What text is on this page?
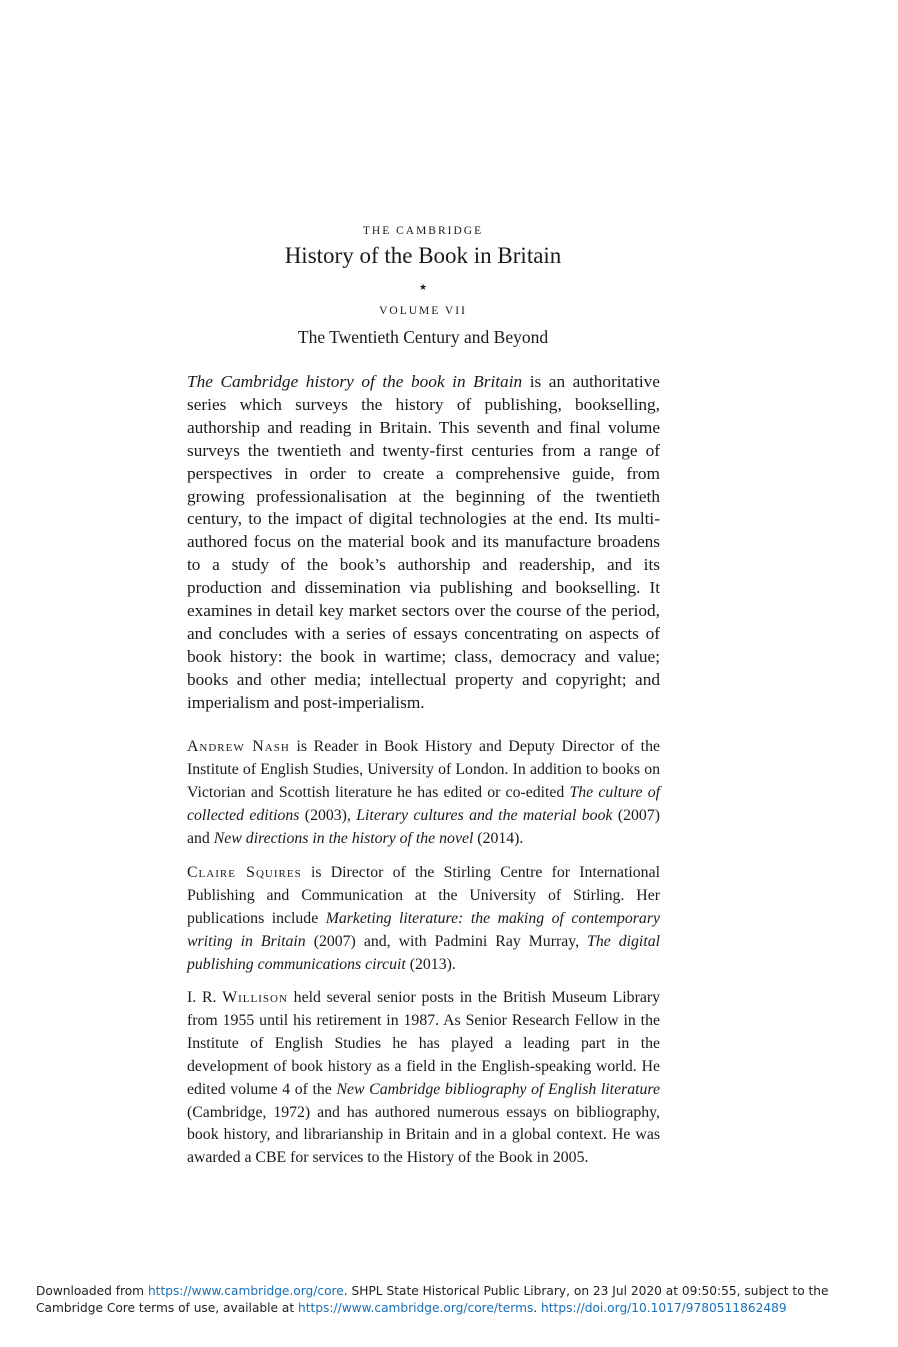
THE CAMBRIDGE
History of the Book in Britain
★
VOLUME VII
The Twentieth Century and Beyond
The Cambridge history of the book in Britain is an authoritative series which surveys the history of publishing, bookselling, authorship and reading in Britain. This seventh and final volume surveys the twentieth and twenty-first centuries from a range of perspectives in order to create a comprehensive guide, from growing professionalisation at the beginning of the twentieth century, to the impact of digital technologies at the end. Its multi-authored focus on the material book and its manufacture broadens to a study of the book’s authorship and readership, and its production and dissemination via publishing and bookselling. It examines in detail key market sectors over the course of the period, and concludes with a series of essays concentrating on aspects of book history: the book in wartime; class, democracy and value; books and other media; intellectual property and copyright; and imperialism and post-imperialism.
Andrew Nash is Reader in Book History and Deputy Director of the Institute of English Studies, University of London. In addition to books on Victorian and Scottish literature he has edited or co-edited The culture of collected editions (2003), Literary cultures and the material book (2007) and New directions in the history of the novel (2014).
Claire Squires is Director of the Stirling Centre for International Publishing and Communication at the University of Stirling. Her publications include Marketing literature: the making of contemporary writing in Britain (2007) and, with Padmini Ray Murray, The digital publishing communications circuit (2013).
I. R. Willison held several senior posts in the British Museum Library from 1955 until his retirement in 1987. As Senior Research Fellow in the Institute of English Studies he has played a leading part in the development of book history as a field in the English-speaking world. He edited volume 4 of the New Cambridge bibliography of English literature (Cambridge, 1972) and has authored numerous essays on bibliography, book history, and librarianship in Britain and in a global context. He was awarded a CBE for services to the History of the Book in 2005.
Downloaded from https://www.cambridge.org/core. SHPL State Historical Public Library, on 23 Jul 2020 at 09:50:55, subject to the Cambridge Core terms of use, available at https://www.cambridge.org/core/terms. https://doi.org/10.1017/9780511862489
